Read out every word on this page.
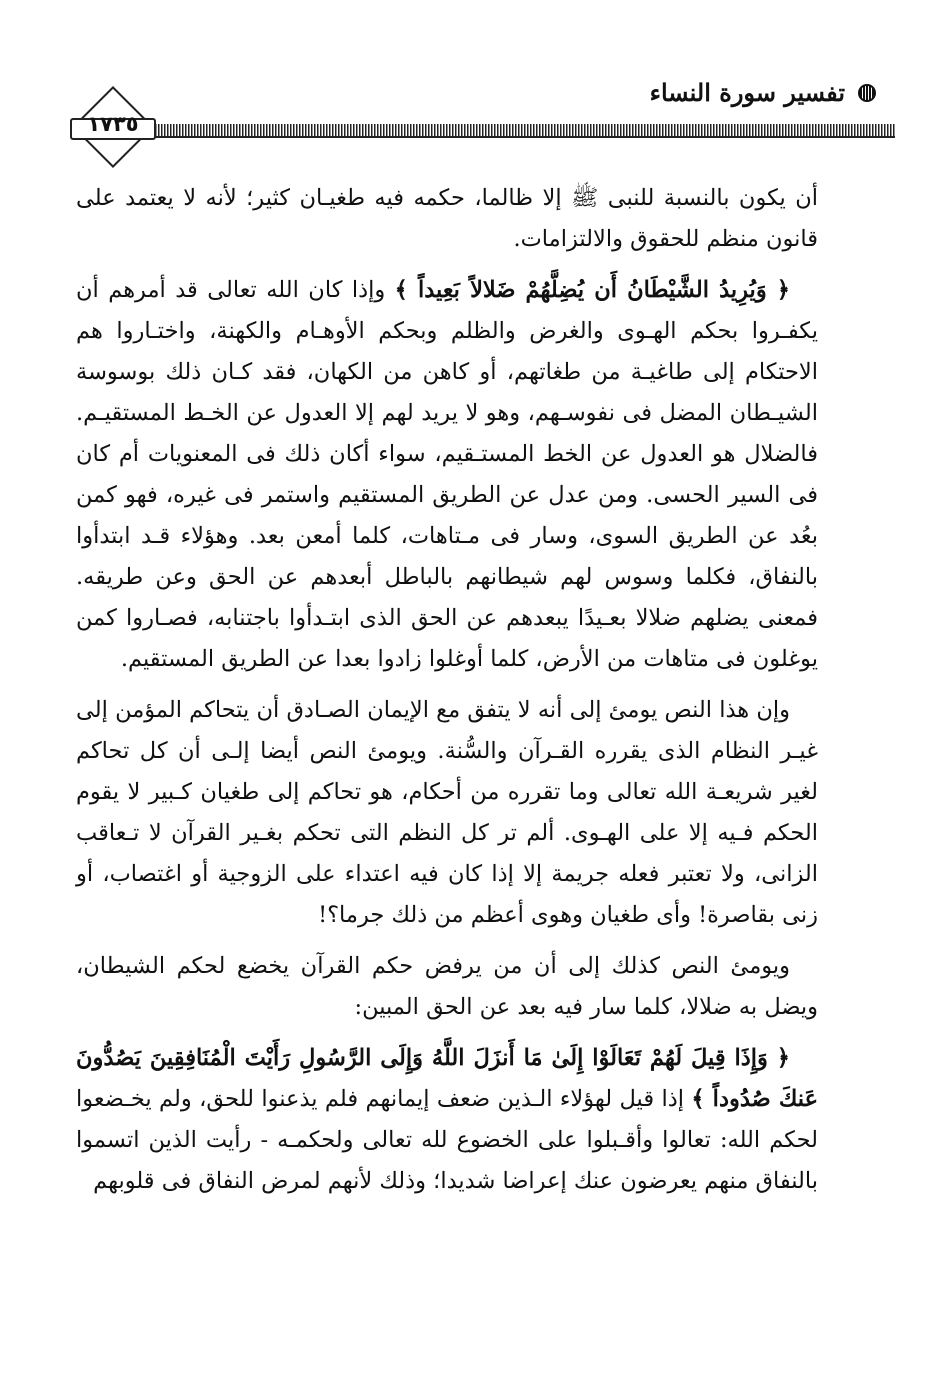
١٧٣٥
تفسير سورة النساء

أن يكون بالنسبة للنبى ﷺ إلا ظالما، حكمه فيه طغيـان كثير؛ لأنه لا يعتمد على قانون منظم للحقوق والالتزامات.

﴿ وَيُرِيدُ الشَّيْطَانُ أَن يُضِلَّهُمْ ضَلالاً بَعِيداً ﴾ وإذا كان الله تعالى قد أمرهم أن يكفـروا بحكم الهـوى والغرض والظلم وبحكم الأوهـام والكهنة، واختـاروا هم الاحتكام إلى طاغيـة من طغاتهم، أو كاهن من الكهان، فقد كـان ذلك بوسوسة الشيـطان المضل فى نفوسـهم، وهو لا يريد لهم إلا العدول عن الخـط المستقيـم. فالضلال هو العدول عن الخط المستـقيم، سواء أكان ذلك فى المعنويات أم كان فى السير الحسى. ومن عدل عن الطريق المستقيم واستمر فى غيره، فهو كمن بعُد عن الطريق السوى، وسار فى مـتاهات، كلما أمعن بعد. وهؤلاء قـد ابتدأوا بالنفاق، فكلما وسوس لهم شيطانهم بالباطل أبعدهم عن الحق وعن طريقه. فمعنى يضلهم ضلالا بعـيدًا يبعدهم عن الحق الذى ابتـدأوا باجتنابه، فصـاروا كمن يوغلون فى متاهات من الأرض، كلما أوغلوا زادوا بعدا عن الطريق المستقيم.

وإن هذا النص يومئ إلى أنه لا يتفق مع الإيمان الصـادق أن يتحاكم المؤمن إلى غيـر النظام الذى يقرره القـرآن والسُّنة. ويومئ النص أيضا إلـى أن كل تحاكم لغير شريعـة الله تعالى وما تقرره من أحكام، هو تحاكم إلى طغيان كـبير لا يقوم الحكم فـيه إلا على الهـوى. ألم تر كل النظم التى تحكم بغـير القرآن لا تـعاقب الزانى، ولا تعتبر فعله جريمة إلا إذا كان فيه اعتداء على الزوجية أو اغتصاب، أو زنى بقاصرة! وأى طغيان وهوى أعظم من ذلك جرما؟!

ويومئ النص كذلك إلى أن من يرفض حكم القرآن يخضع لحكم الشيطان، ويضل به ضلالا، كلما سار فيه بعد عن الحق المبين:

﴿ وَإِذَا قِيلَ لَهُمْ تَعَالَوْا إِلَىٰ مَا أَنزَلَ اللَّهُ وَإِلَى الرَّسُولِ رَأَيْتَ الْمُنَافِقِينَ يَصُدُّونَ عَنكَ صُدُوداً ﴾ إذا قيل لهؤلاء الـذين ضعف إيمانهم فلم يذعنوا للحق، ولم يخـضعوا لحكم الله: تعالوا وأقـبلوا على الخضوع لله تعالى ولحكمـه - رأيت الذين اتسموا بالنفاق منهم يعرضون عنك إعراضا شديدا؛ وذلك لأنهم لمرض النفاق فى قلوبهم
